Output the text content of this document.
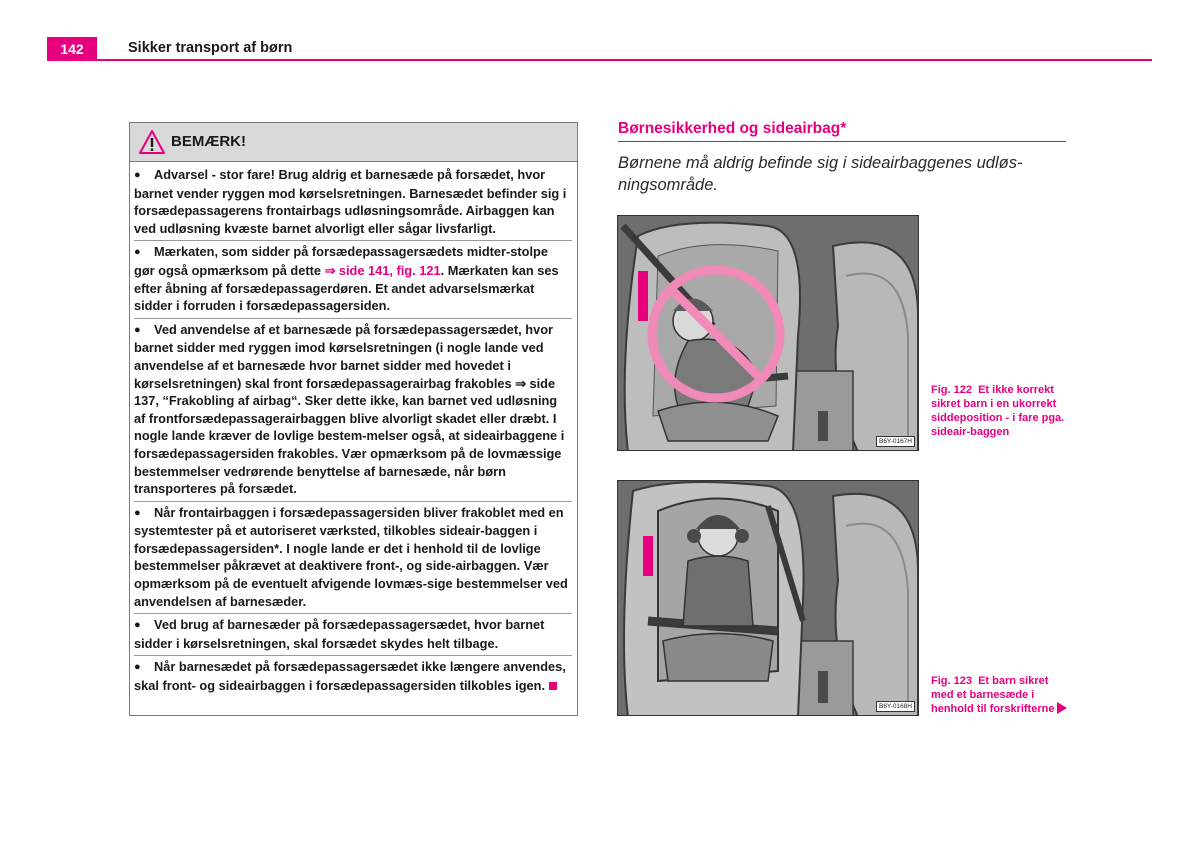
142	Sikker transport af børn
BEMÆRK!
● Advarsel - stor fare! Brug aldrig et barnesæde på forsædet, hvor barnet vender ryggen mod kørselsretningen. Barnesædet befinder sig i forsædepassagerens frontairbags udløsningsområde. Airbaggen kan ved udløsning kvæste barnet alvorligt eller sågar livsfarligt.
● Mærkaten, som sidder på forsædepassagersædets midter-stolpe gør også opmærksom på dette ⇒ side 141, fig. 121. Mærkaten kan ses efter åbning af forsædepassagerdøren. Et andet advarselsmærkat sidder i forruden i forsædepassagersiden.
● Ved anvendelse af et barnesæde på forsædepassagersædet, hvor barnet sidder med ryggen imod kørselsretningen (i nogle lande ved anvendelse af et barnesæde hvor barnet sidder med hovedet i kørselsretningen) skal front forsædepassagerairbag frakobles ⇒ side 137, “Frakobling af airbag“. Sker dette ikke, kan barnet ved udløsning af frontforsædepassagerairbaggen blive alvorligt skadet eller dræbt. I nogle lande kræver de lovlige bestem-melser også, at sideairbaggene i forsædepassagersiden frakobles. Vær opmærksom på de lovmæssige bestemmelser vedrørende benyttelse af barnesæde, når børn transporteres på forsædet.
● Når frontairbaggen i forsædepassagersiden bliver frakoblet med en systemtester på et autoriseret værksted, tilkobles sideair-baggen i forsædepassagersiden*. I nogle lande er det i henhold til de lovlige bestemmelser påkrævet at deaktivere front-, og side-airbaggen. Vær opmærksom på de eventuelt afvigende lovmæs-sige bestemmelser ved anvendelsen af barnesæder.
● Ved brug af barnesæder på forsædepassagersædet, hvor barnet sidder i kørselsretningen, skal forsædet skydes helt tilbage.
● Når barnesædet på forsædepassagersædet ikke længere anvendes, skal front- og sideairbaggen i forsædepassagersiden tilkobles igen.
Børnesikkerhed og sideairbag*
Børnene må aldrig befinde sig i sideairbaggenes udløs-ningsområde.
B6Y-0167H
Fig. 122 Et ikke korrekt sikret barn i en ukorrekt siddeposition - i fare pga. sideair-baggen
B6Y-0168H
Fig. 123 Et barn sikret med et barnesæde i henhold til forskrifterne
